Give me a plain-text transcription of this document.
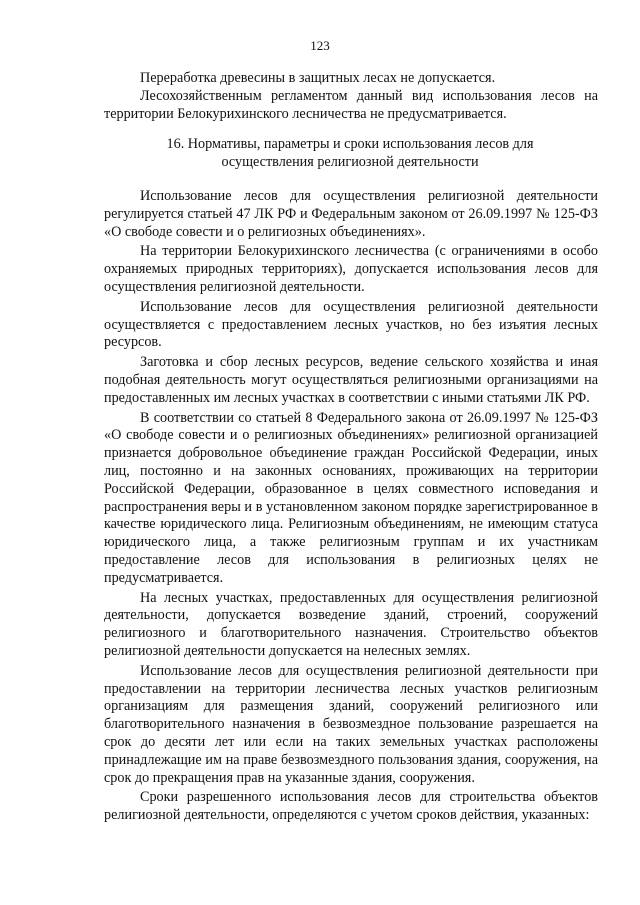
123

Переработка древесины в защитных лесах не допускается.

Лесохозяйственным регламентом данный вид использования лесов на территории Белокурихинского лесничества не предусматривается.

16. Нормативы, параметры и сроки использования лесов для осуществления религиозной деятельности

Использование лесов для осуществления религиозной деятельности регулируется статьей 47 ЛК РФ и Федеральным законом от 26.09.1997 № 125-ФЗ «О свободе совести и о религиозных объединениях».

На территории Белокурихинского лесничества (с ограничениями в особо охраняемых природных территориях), допускается использования лесов для осуществления религиозной деятельности.

Использование лесов для осуществления религиозной деятельности осуществляется с предоставлением лесных участков, но без изъятия лесных ресурсов.

Заготовка и сбор лесных ресурсов, ведение сельского хозяйства и иная подобная деятельность могут осуществляться религиозными организациями на предоставленных им лесных участках в соответствии с иными статьями ЛК РФ.

В соответствии со статьей 8 Федерального закона от 26.09.1997 № 125-ФЗ «О свободе совести и о религиозных объединениях» религиозной организацией признается добровольное объединение граждан Российской Федерации, иных лиц, постоянно и на законных основаниях, проживающих на территории Российской Федерации, образованное в целях совместного исповедания и распространения веры и в установленном законом порядке зарегистрированное в качестве юридического лица. Религиозным объединениям, не имеющим статуса юридического лица, а также религиозным группам и их участникам предоставление лесов для использования в религиозных целях не предусматривается.

На лесных участках, предоставленных для осуществления религиозной деятельности, допускается возведение зданий, строений, сооружений религиозного и благотворительного назначения. Строительство объектов религиозной деятельности допускается на нелесных землях.

Использование лесов для осуществления религиозной деятельности при предоставлении на территории лесничества лесных участков религиозным организациям для размещения зданий, сооружений религиозного или благотворительного назначения в безвозмездное пользование разрешается на срок до десяти лет или если на таких земельных участках расположены принадлежащие им на праве безвозмездного пользования здания, сооружения, на срок до прекращения прав на указанные здания, сооружения.

Сроки разрешенного использования лесов для строительства объектов религиозной деятельности, определяются с учетом сроков действия, указанных:
